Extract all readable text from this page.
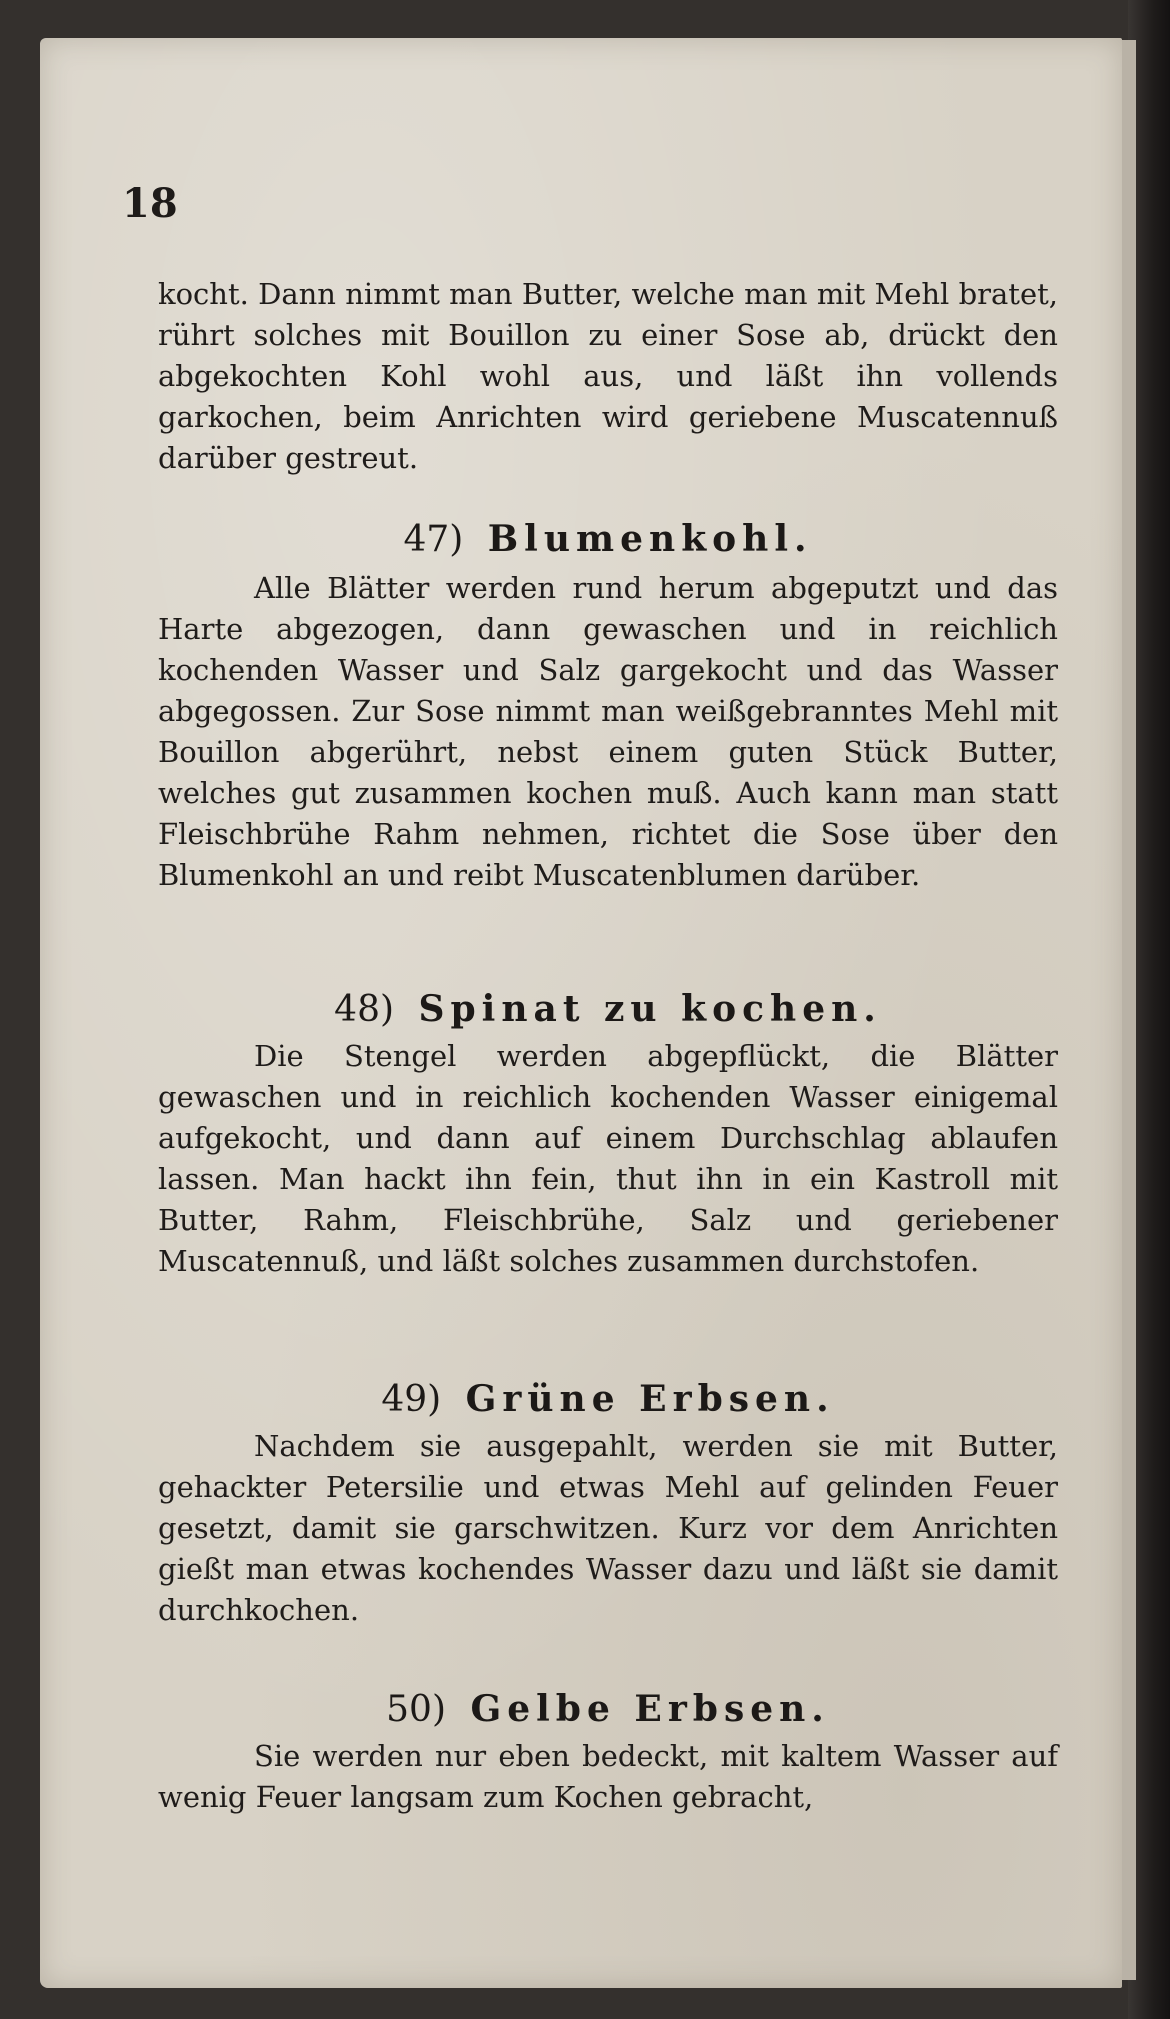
18

kocht. Dann nimmt man Butter, welche man mit Mehl bratet, rührt solches mit Bouillon zu einer Sose ab, drückt den abgekochten Kohl wohl aus, und läßt ihn vollends garkochen, beim Anrichten wird geriebene Muscatennuß darüber gestreut.

47) Blumenkohl.

Alle Blätter werden rund herum abgeputzt und das Harte abgezogen, dann gewaschen und in reichlich kochenden Wasser und Salz gargekocht und das Wasser abgegossen. Zur Sose nimmt man weißgebranntes Mehl mit Bouillon abgerührt, nebst einem guten Stück Butter, welches gut zusammen kochen muß. Auch kann man statt Fleischbrühe Rahm nehmen, richtet die Sose über den Blumenkohl an und reibt Muscatenblumen darüber.

48) Spinat zu kochen.

Die Stengel werden abgepflückt, die Blätter gewaschen und in reichlich kochenden Wasser einigemal aufgekocht, und dann auf einem Durchschlag ablaufen lassen. Man hackt ihn fein, thut ihn in ein Kastroll mit Butter, Rahm, Fleischbrühe, Salz und geriebener Muscatennuß, und läßt solches zusammen durchstofen.

49) Grüne Erbsen.

Nachdem sie ausgepahlt, werden sie mit Butter, gehackter Petersilie und etwas Mehl auf gelinden Feuer gesetzt, damit sie garschwitzen. Kurz vor dem Anrichten gießt man etwas kochendes Wasser dazu und läßt sie damit durchkochen.

50) Gelbe Erbsen.

Sie werden nur eben bedeckt, mit kaltem Wasser auf wenig Feuer langsam zum Kochen gebracht,
